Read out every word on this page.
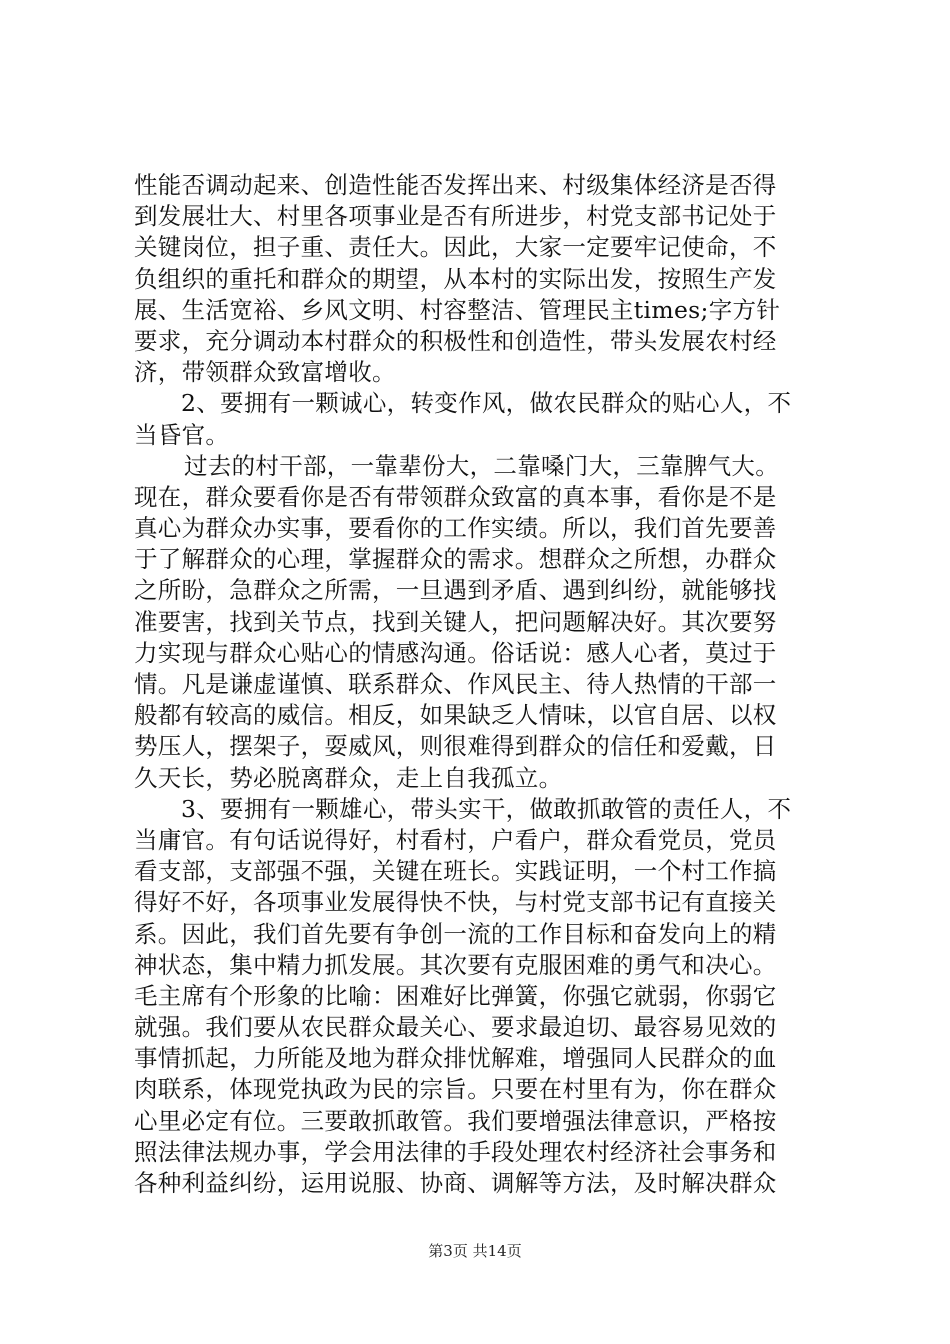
性能否调动起来、创造性能否发挥出来、村级集体经济是否得
到发展壮大、村里各项事业是否有所进步，村党支部书记处于
关键岗位，担子重、责任大。因此，大家一定要牢记使命，不
负组织的重托和群众的期望，从本村的实际出发，按照生产发
展、生活宽裕、乡风文明、村容整洁、管理民主times;字方针
要求，充分调动本村群众的积极性和创造性，带头发展农村经
济，带领群众致富增收。
2、要拥有一颗诚心，转变作风，做农民群众的贴心人，不
当昏官。
过去的村干部，一靠辈份大，二靠嗓门大，三靠脾气大。
现在，群众要看你是否有带领群众致富的真本事，看你是不是
真心为群众办实事，要看你的工作实绩。所以，我们首先要善
于了解群众的心理，掌握群众的需求。想群众之所想，办群众
之所盼，急群众之所需，一旦遇到矛盾、遇到纠纷，就能够找
准要害，找到关节点，找到关键人，把问题解决好。其次要努
力实现与群众心贴心的情感沟通。俗话说：感人心者，莫过于
情。凡是谦虚谨慎、联系群众、作风民主、待人热情的干部一
般都有较高的威信。相反，如果缺乏人情味，以官自居、以权
势压人，摆架子，耍威风，则很难得到群众的信任和爱戴，日
久天长，势必脱离群众，走上自我孤立。
3、要拥有一颗雄心，带头实干，做敢抓敢管的责任人，不
当庸官。有句话说得好，村看村，户看户，群众看党员，党员
看支部，支部强不强，关键在班长。实践证明，一个村工作搞
得好不好，各项事业发展得快不快，与村党支部书记有直接关
系。因此，我们首先要有争创一流的工作目标和奋发向上的精
神状态，集中精力抓发展。其次要有克服困难的勇气和决心。
毛主席有个形象的比喻：困难好比弹簧，你强它就弱，你弱它
就强。我们要从农民群众最关心、要求最迫切、最容易见效的
事情抓起，力所能及地为群众排忧解难，增强同人民群众的血
肉联系，体现党执政为民的宗旨。只要在村里有为，你在群众
心里必定有位。三要敢抓敢管。我们要增强法律意识，严格按
照法律法规办事，学会用法律的手段处理农村经济社会事务和
各种利益纠纷，运用说服、协商、调解等方法，及时解决群众
第3页 共14页
